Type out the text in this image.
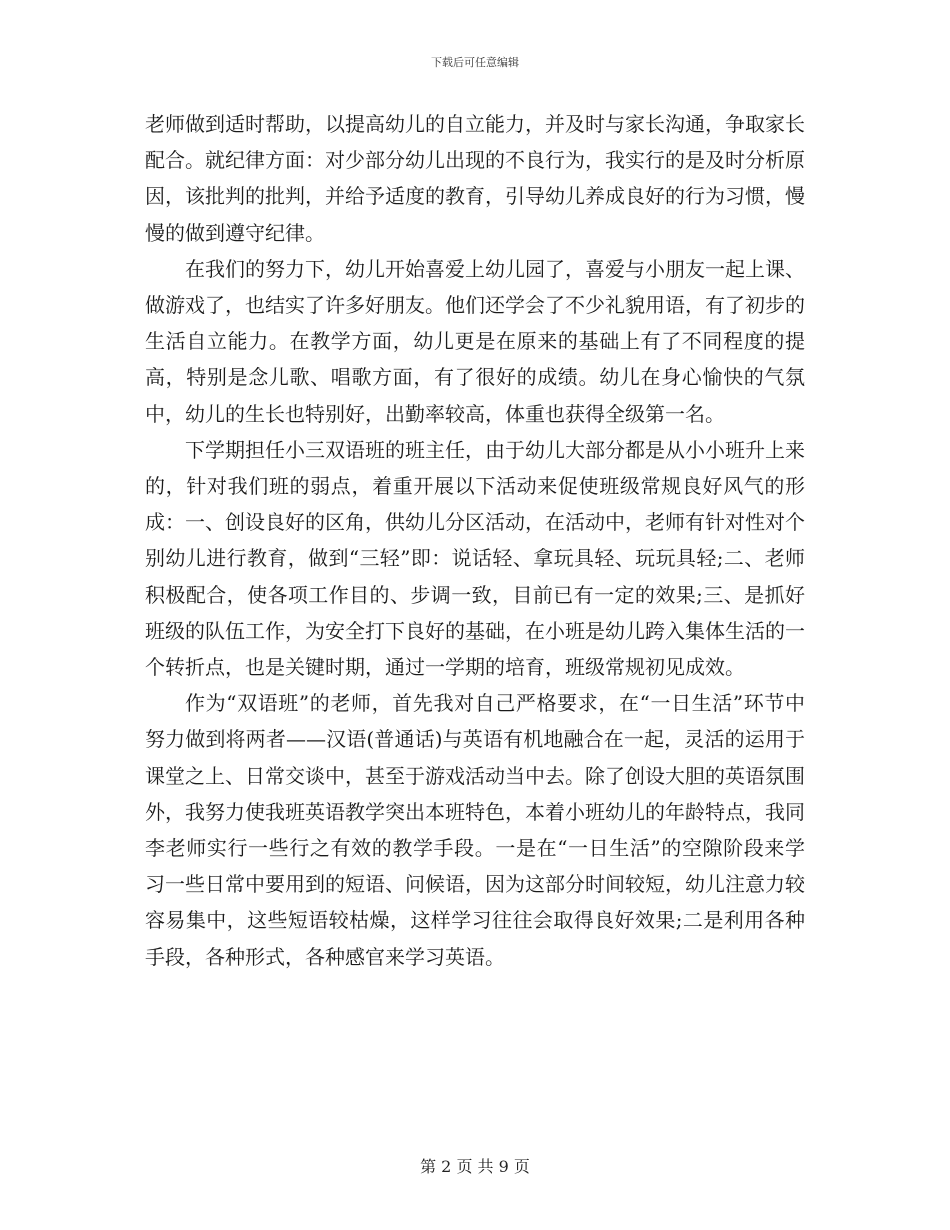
下载后可任意编辑

老师做到适时帮助，以提高幼儿的自立能力，并及时与家长沟通，争取家长配合。就纪律方面：对少部分幼儿出现的不良行为，我实行的是及时分析原因，该批判的批判，并给予适度的教育，引导幼儿养成良好的行为习惯，慢慢的做到遵守纪律。

在我们的努力下，幼儿开始喜爱上幼儿园了，喜爱与小朋友一起上课、做游戏了，也结实了许多好朋友。他们还学会了不少礼貌用语，有了初步的生活自立能力。在教学方面，幼儿更是在原来的基础上有了不同程度的提高，特别是念儿歌、唱歌方面，有了很好的成绩。幼儿在身心愉快的气氛中，幼儿的生长也特别好，出勤率较高，体重也获得全级第一名。

下学期担任小三双语班的班主任，由于幼儿大部分都是从小小班升上来的，针对我们班的弱点，着重开展以下活动来促使班级常规良好风气的形成：一、创设良好的区角，供幼儿分区活动，在活动中，老师有针对性对个别幼儿进行教育，做到“三轻”即：说话轻、拿玩具轻、玩玩具轻;二、老师积极配合，使各项工作目的、步调一致，目前已有一定的效果;三、是抓好班级的队伍工作，为安全打下良好的基础，在小班是幼儿跨入集体生活的一个转折点，也是关键时期，通过一学期的培育，班级常规初见成效。

作为“双语班”的老师，首先我对自己严格要求，在“一日生活”环节中努力做到将两者——汉语(普通话)与英语有机地融合在一起，灵活的运用于课堂之上、日常交谈中，甚至于游戏活动当中去。除了创设大胆的英语氛围外，我努力使我班英语教学突出本班特色，本着小班幼儿的年龄特点，我同李老师实行一些行之有效的教学手段。一是在“一日生活”的空隙阶段来学习一些日常中要用到的短语、问候语，因为这部分时间较短，幼儿注意力较容易集中，这些短语较枯燥，这样学习往往会取得良好效果;二是利用各种手段，各种形式，各种感官来学习英语。

第 2 页 共 9 页
